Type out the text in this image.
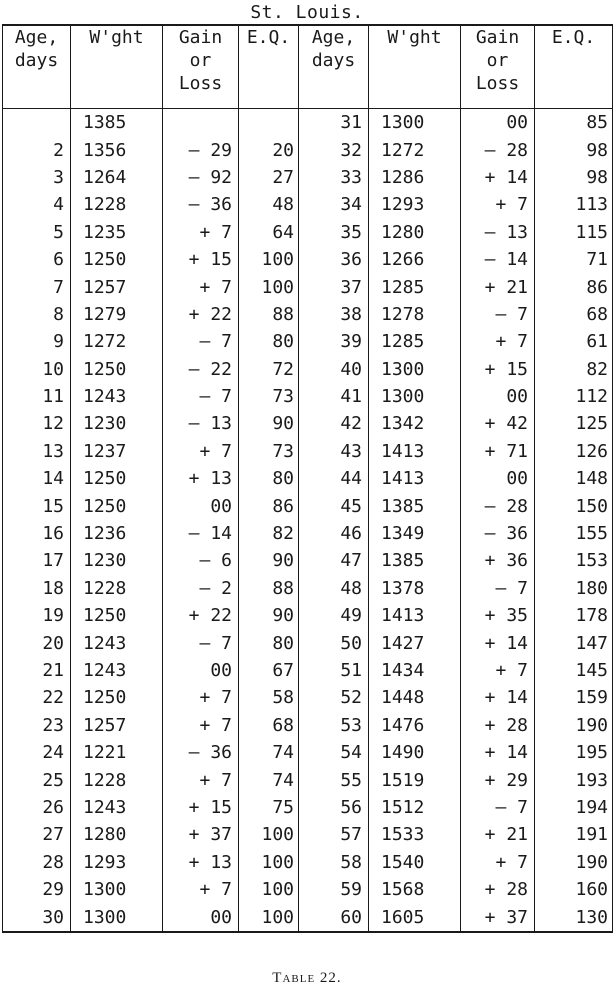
St. Louis.
Age,
days	W'ght	Gain
or
Loss	E.Q.	Age,
days	W'ght	Gain
or
Loss	E.Q.

	1385			31	1300	00	85
2	1356	— 29	20	32	1272	— 28	98
3	1264	— 92	27	33	1286	+ 14	98
4	1228	— 36	48	34	1293	+ 7	113
5	1235	+ 7	64	35	1280	— 13	115
6	1250	+ 15	100	36	1266	— 14	71
7	1257	+ 7	100	37	1285	+ 21	86
8	1279	+ 22	88	38	1278	— 7	68
9	1272	— 7	80	39	1285	+ 7	61
10	1250	— 22	72	40	1300	+ 15	82
11	1243	— 7	73	41	1300	00	112
12	1230	— 13	90	42	1342	+ 42	125
13	1237	+ 7	73	43	1413	+ 71	126
14	1250	+ 13	80	44	1413	00	148
15	1250	00	86	45	1385	— 28	150
16	1236	— 14	82	46	1349	— 36	155
17	1230	— 6	90	47	1385	+ 36	153
18	1228	— 2	88	48	1378	— 7	180
19	1250	+ 22	90	49	1413	+ 35	178
20	1243	— 7	80	50	1427	+ 14	147
21	1243	00	67	51	1434	+ 7	145
22	1250	+ 7	58	52	1448	+ 14	159
23	1257	+ 7	68	53	1476	+ 28	190
24	1221	— 36	74	54	1490	+ 14	195
25	1228	+ 7	74	55	1519	+ 29	193
26	1243	+ 15	75	56	1512	— 7	194
27	1280	+ 37	100	57	1533	+ 21	191
28	1293	+ 13	100	58	1540	+ 7	190
29	1300	+ 7	100	59	1568	+ 28	160
30	1300	00	100	60	1605	+ 37	130
Table 22.
